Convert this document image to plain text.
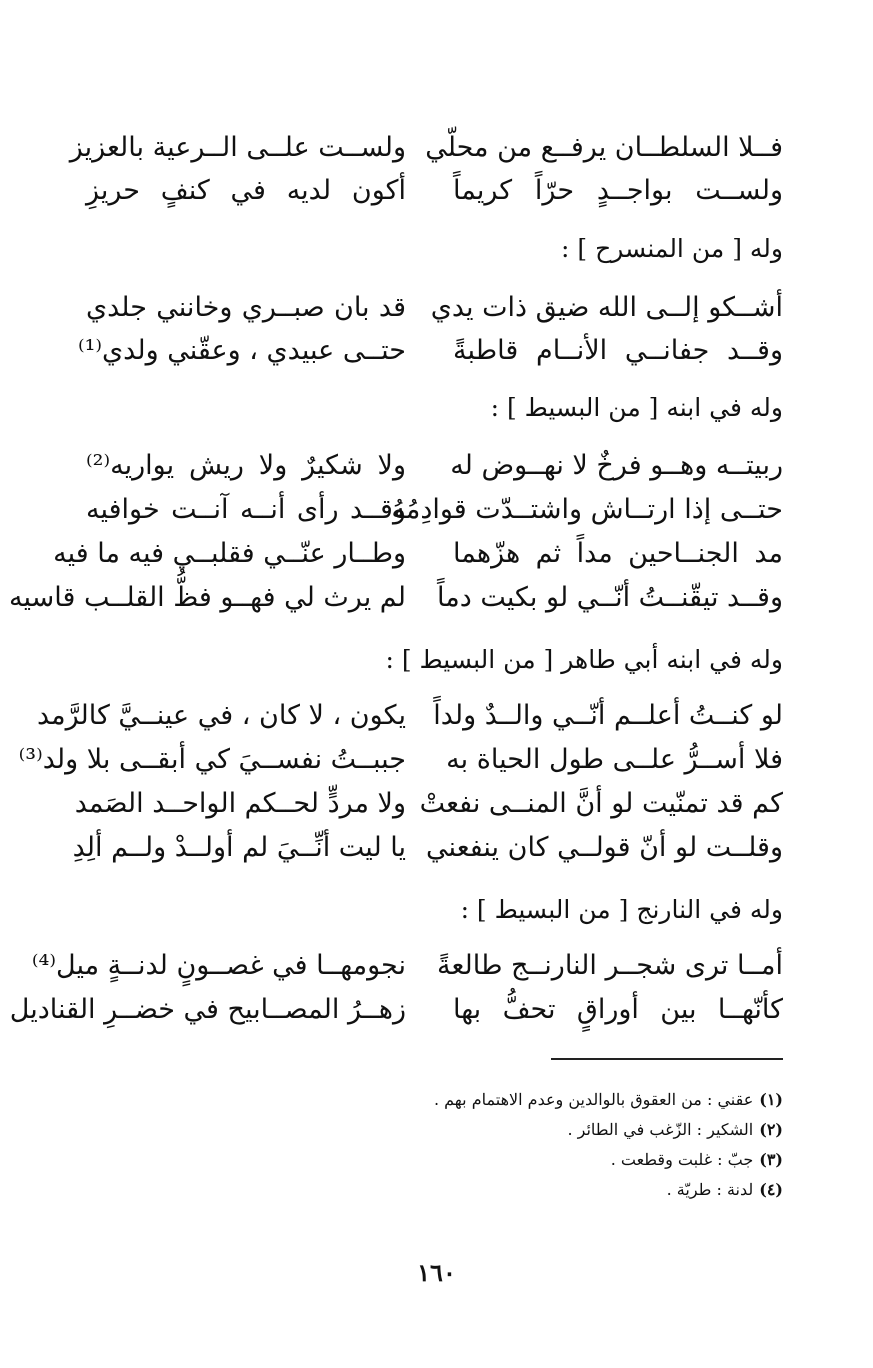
فــلا السلطــان يرفــع من محلّي
ولســت علــى الــرعية بالعزيز
ولســت بواجــدٍ حرّاً كريماً
أكون لديه في كنفٍ حريزِ
وله [ من المنسرح ] :
أشــكو إلــى الله ضيق ذات يدي
قد بان صبــري وخانني جلدي
وقــد جفانــي الأنــام قاطبةً
حتــى عبيدي ، وعقّني ولدي⁽¹⁾
وله في ابنه [ من البسيط ] :
ربيتــه وهــو فرخٌ لا نهــوض له
ولا شكيرٌ ولا ريش يواريه⁽²⁾
حتــى إذا ارتــاش واشتــدّت قوادِمُهُ
وقــد رأى أنــه آنــت خوافيه
مد الجنــاحين مداً ثم هزّهما
وطــار عنّــي فقلبــي فيه ما فيه
وقــد تيقّنــتُ أنّــي لو بكيت دماً
لم يرث لي فهــو فظُّ القلــب قاسيه
وله في ابنه أبي طاهر [ من البسيط ] :
لو كنــتُ أعلــم أنّــي والــدٌ ولداً
يكون ، لا كان ، في عينــيَّ كالرَّمد
فلا أســرُّ علــى طول الحياة به
جببــتُ نفســيَ كي أبقــى بلا ولد⁽³⁾
كم قد تمنّيت لو أنَّ المنــى نفعتْ
ولا مردٍّ لحــكم الواحــد الصَمد
وقلــت لو أنّ قولــي كان ينفعني
يا ليت أنِّــيَ لم أولــدْ ولــم ألِدِ
وله في النارنج [ من البسيط ] :
أمــا ترى شجــر النارنــج طالعةً
نجومهــا في غصــونٍ لدنــةٍ ميل⁽⁴⁾
كأنّهــا بين أوراقٍ تحفُّ بها
زهــرُ المصــابيح في خضــرِ القناديل
(١)عقني : من العقوق بالوالدين وعدم الاهتمام بهم .
(٢)الشكير : الزّغب في الطائر .
(٣)جبّ : غلبت وقطعت .
(٤)لدنة : طريّة .
١٦٠
